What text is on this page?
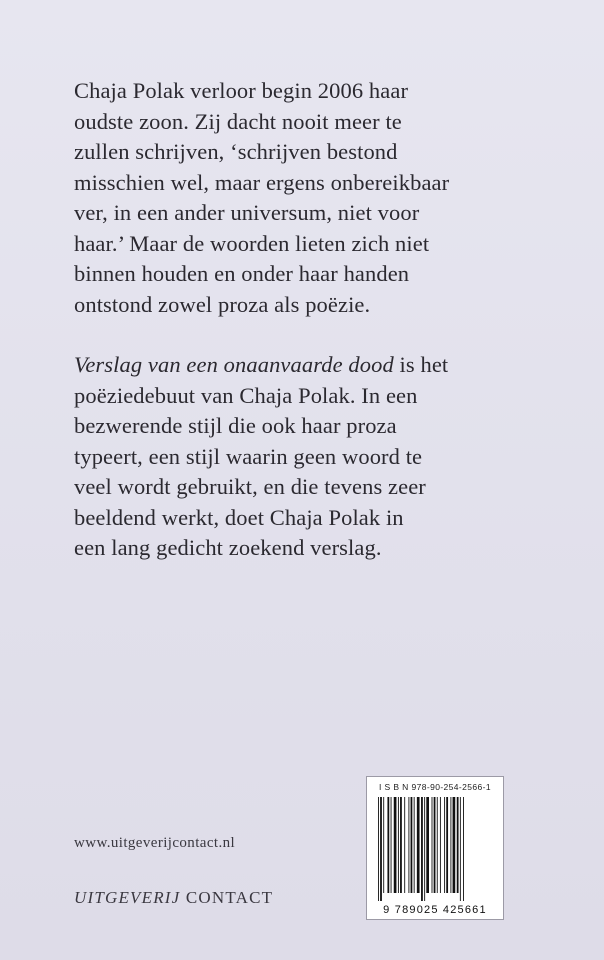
Chaja Polak verloor begin 2006 haar
oudste zoon. Zij dacht nooit meer te
zullen schrijven, ‘schrijven bestond
misschien wel, maar ergens onbereikbaar
ver, in een ander universum, niet voor
haar.’ Maar de woorden lieten zich niet
binnen houden en onder haar handen
ontstond zowel proza als poëzie.
Verslag van een onaanvaarde dood is het
poëziedebuut van Chaja Polak. In een
bezwerende stijl die ook haar proza
typeert, een stijl waarin geen woord te
veel wordt gebruikt, en die tevens zeer
beeldend werkt, doet Chaja Polak in
een lang gedicht zoekend verslag.
www.uitgeverijcontact.nl
UITGEVERIJ CONTACT
I S B N 978-90-254-2566-1
9 789025 425661
